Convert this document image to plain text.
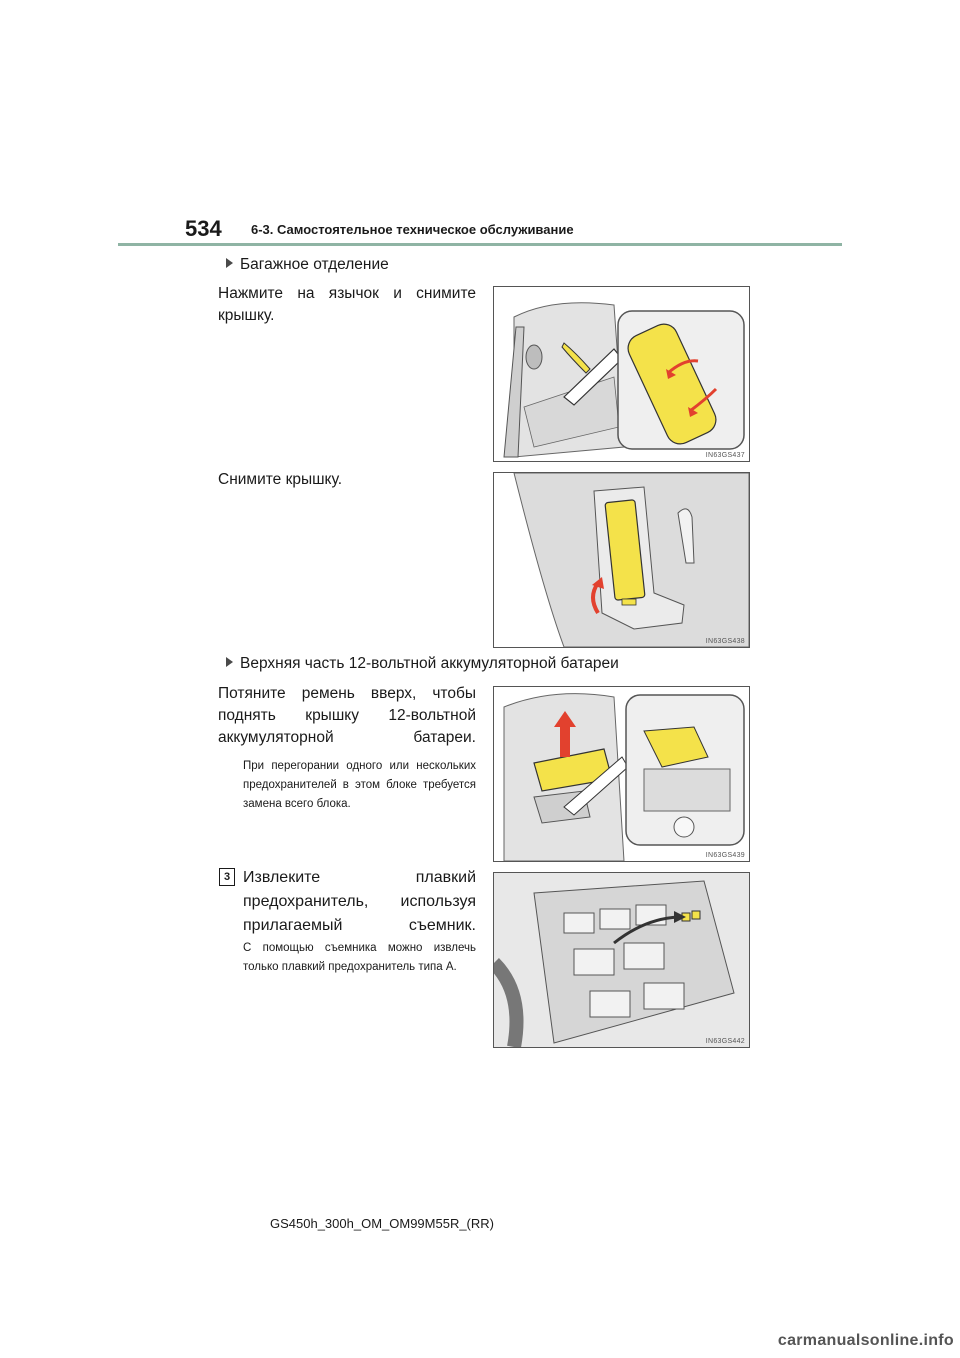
534 6-3. Самостоятельное техническое обслуживание
Багажное отделение
Нажмите на язычок и снимите крышку.
IN63GS437
Снимите крышку.
IN63GS438
Верхняя часть 12-вольтной аккумуляторной батареи
Потяните ремень вверх, чтобы поднять крышку 12-вольтной аккумуляторной батареи.
При перегорании одного или нескольких предохранителей в этом блоке требуется замена всего блока.
IN63GS439
3 Извлеките плавкий предохранитель, используя прилагаемый съемник.
С помощью съемника можно извлечь только плавкий предохранитель типа A.
IN63GS442
GS450h_300h_OM_OM99M55R_(RR)
carmanualsonline.info
